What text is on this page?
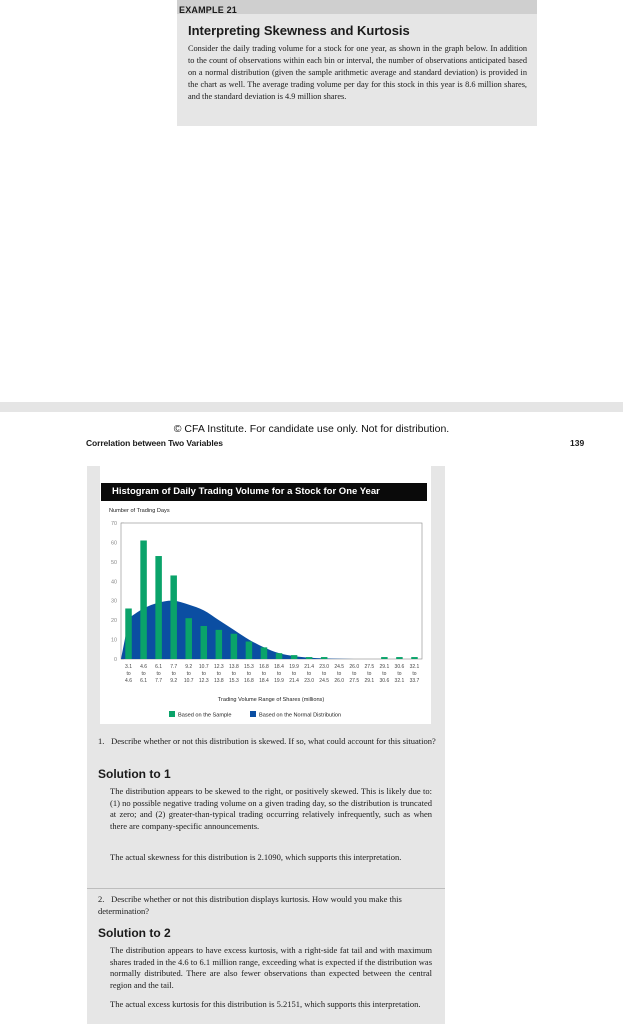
EXAMPLE 21
Interpreting Skewness and Kurtosis
Consider the daily trading volume for a stock for one year, as shown in the graph below. In addition to the count of observations within each bin or interval, the number of observations anticipated based on a normal distribution (given the sample arithmetic average and standard deviation) is provided in the chart as well. The average trading volume per day for this stock in this year is 8.6 million shares, and the standard deviation is 4.9 million shares.
© CFA Institute. For candidate use only. Not for distribution.
Correlation between Two Variables	139
Histogram of Daily Trading Volume for a Stock for One Year
Number of Trading Days
0
10
20
30
40
50
60
70
3.1
to
4.6
4.6
to
6.1
6.1
to
7.7
7.7
to
9.2
9.2
to
10.7
10.7
to
12.3
12.3
to
13.8
13.8
to
15.3
15.3
to
16.8
16.8
to
18.4
18.4
to
19.9
19.9
to
21.4
21.4
to
23.0
23.0
to
24.5
24.5
to
26.0
26.0
to
27.5
27.5
to
29.1
29.1
to
30.6
30.6
to
32.1
32.1
to
33.7
Trading Volume Range of Shares (millions)
Based on the Sample	Based on the Normal Distribution
1. Describe whether or not this distribution is skewed. If so, what could account for this situation?
Solution to 1
The distribution appears to be skewed to the right, or positively skewed. This is likely due to: (1) no possible negative trading volume on a given trading day, so the distribution is truncated at zero; and (2) greater-than-typical trading occurring relatively infrequently, such as when there are company-specific announcements.
The actual skewness for this distribution is 2.1090, which supports this interpretation.
2. Describe whether or not this distribution displays kurtosis. How would you make this determination?
Solution to 2
The distribution appears to have excess kurtosis, with a right-side fat tail and with maximum shares traded in the 4.6 to 6.1 million range, exceeding what is expected if the distribution was normally distributed. There are also fewer observations than expected between the central region and the tail.
The actual excess kurtosis for this distribution is 5.2151, which supports this interpretation.
